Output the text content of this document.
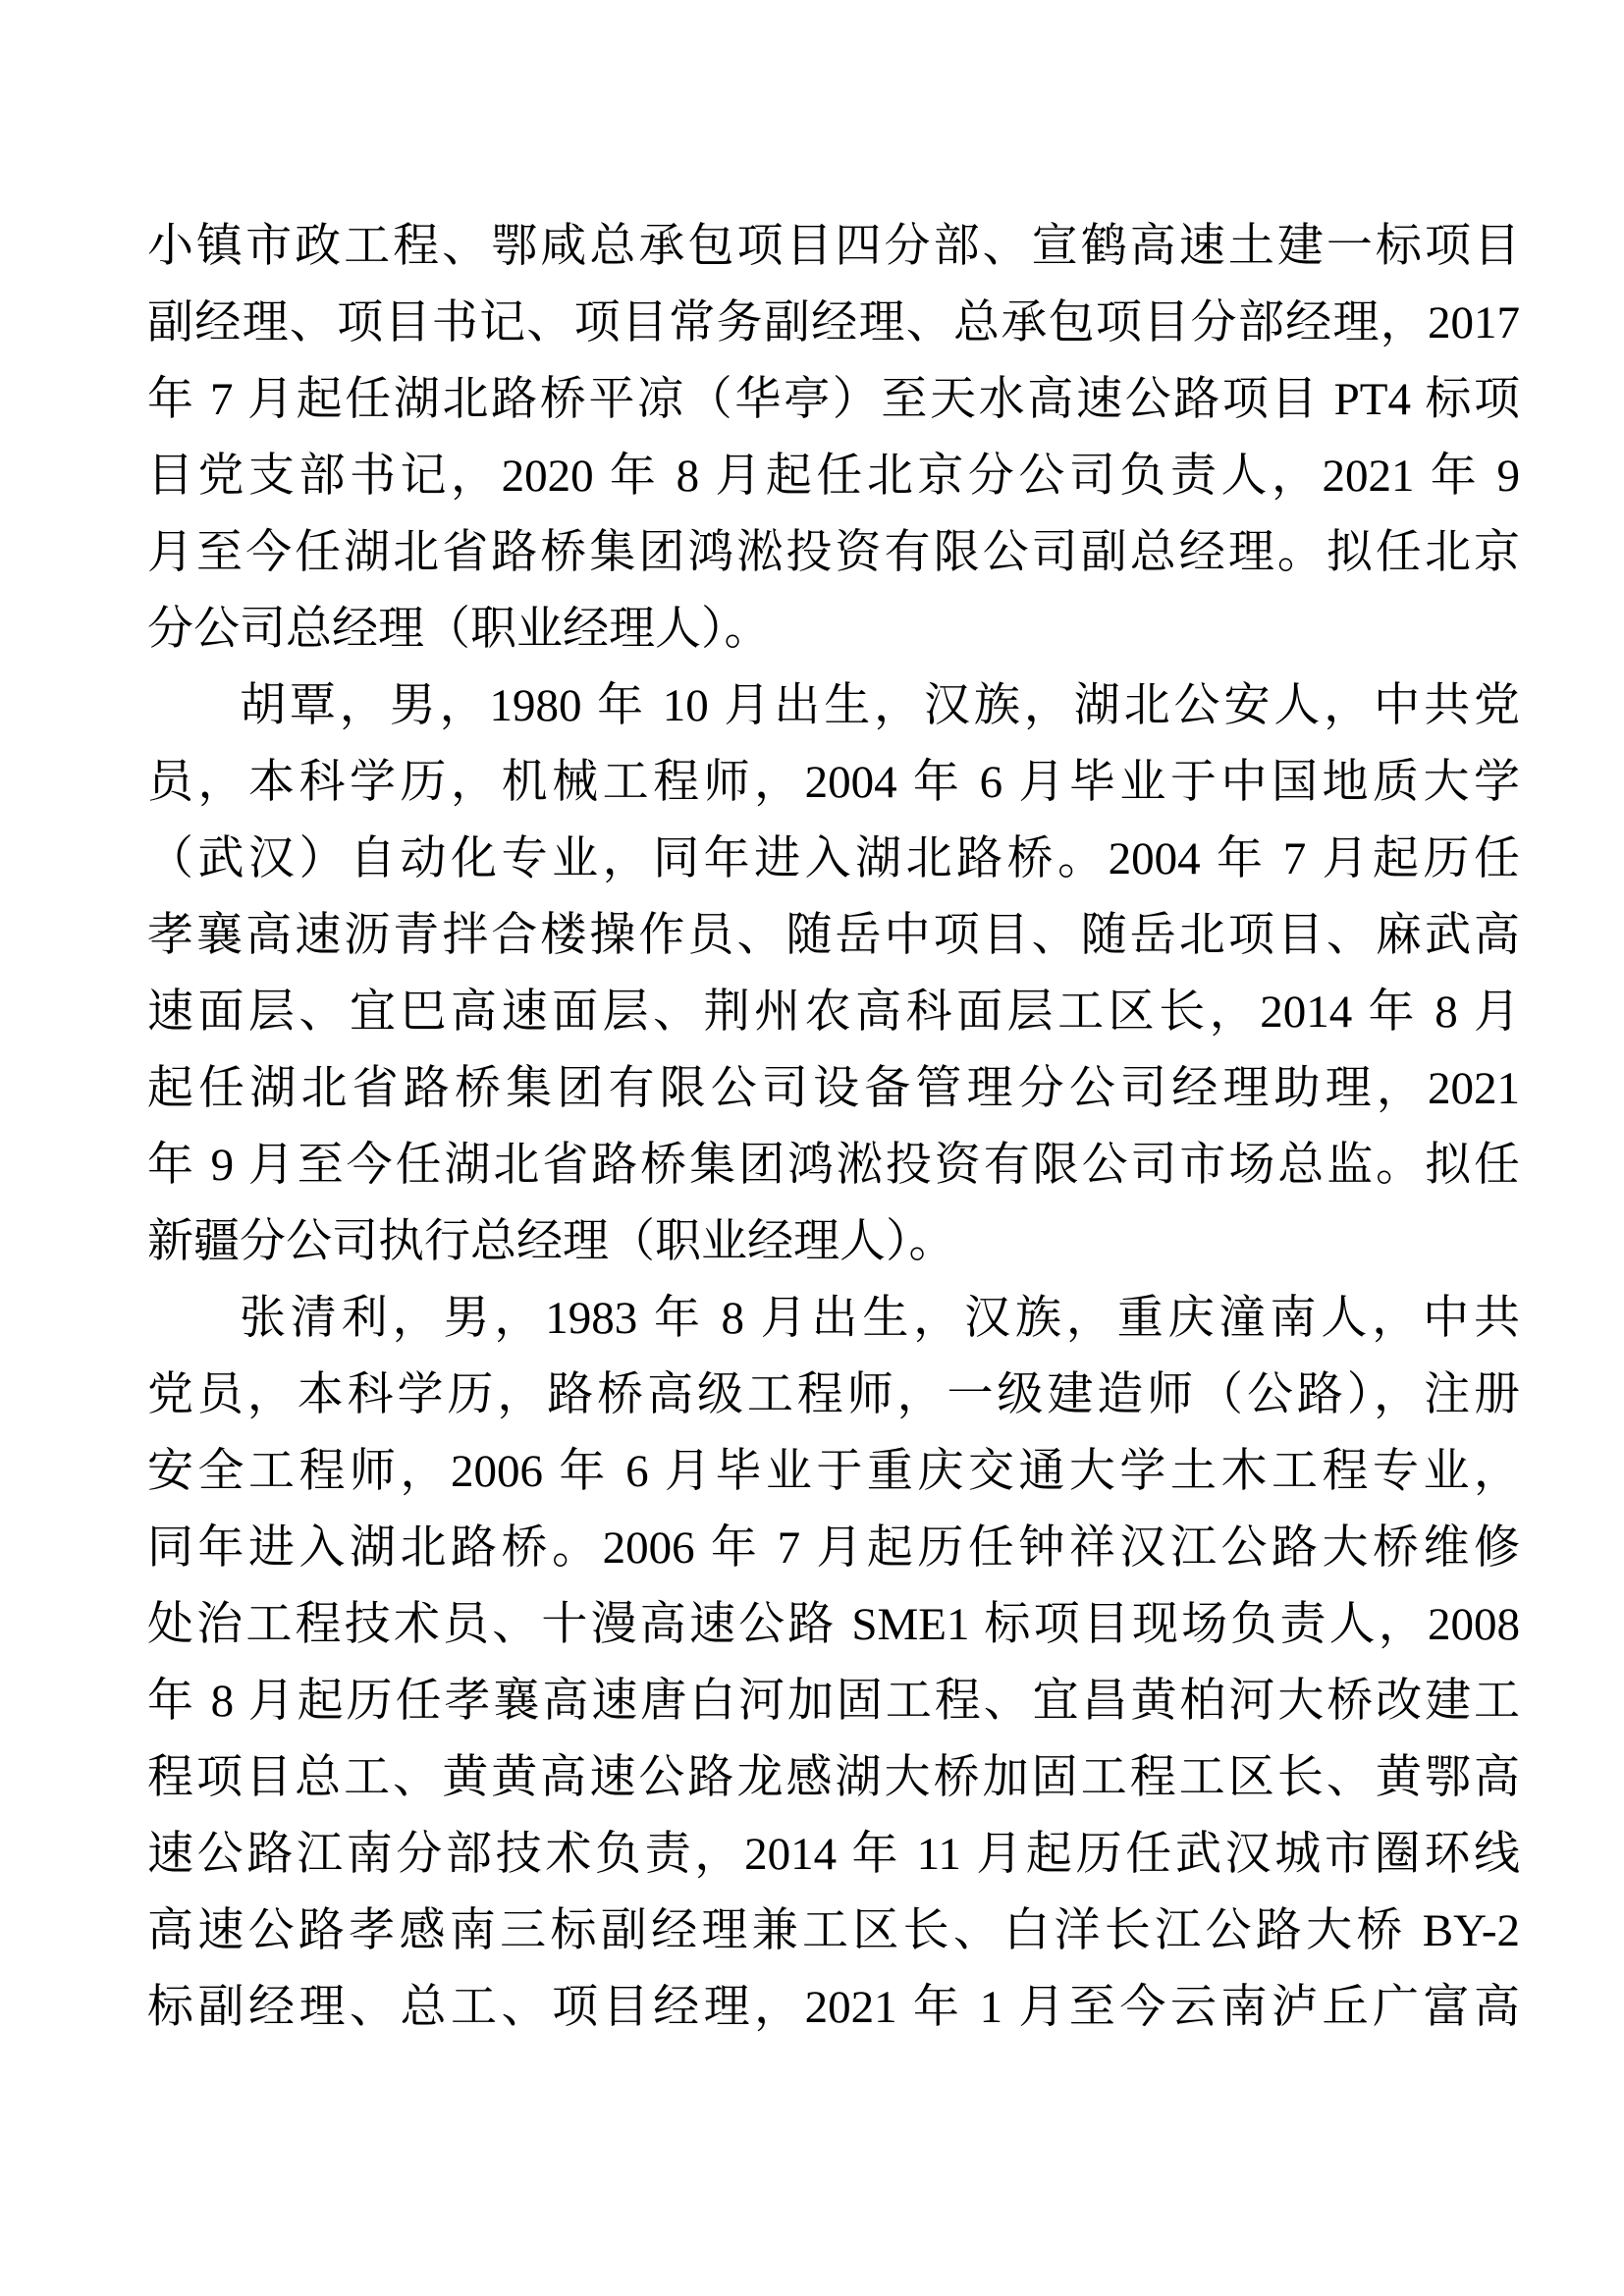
小镇市政工程、鄂咸总承包项目四分部、宣鹤高速土建一标项目
副经理、项目书记、项目常务副经理、总承包项目分部经理，2017
年 7 月起任湖北路桥平凉（华亭）至天水高速公路项目 PT4 标项
目党支部书记，2020 年 8 月起任北京分公司负责人，2021 年 9
月至今任湖北省路桥集团鸿淞投资有限公司副总经理。拟任北京
分公司总经理（职业经理人）。
胡覃，男，1980 年 10 月出生，汉族，湖北公安人，中共党
员，本科学历，机械工程师，2004 年 6 月毕业于中国地质大学
（武汉）自动化专业，同年进入湖北路桥。2004 年 7 月起历任
孝襄高速沥青拌合楼操作员、随岳中项目、随岳北项目、麻武高
速面层、宜巴高速面层、荆州农高科面层工区长，2014 年 8 月
起任湖北省路桥集团有限公司设备管理分公司经理助理，2021
年 9 月至今任湖北省路桥集团鸿淞投资有限公司市场总监。拟任
新疆分公司执行总经理（职业经理人）。
张清利，男，1983 年 8 月出生，汉族，重庆潼南人，中共
党员，本科学历，路桥高级工程师，一级建造师（公路），注册
安全工程师，2006 年 6 月毕业于重庆交通大学土木工程专业，
同年进入湖北路桥。2006 年 7 月起历任钟祥汉江公路大桥维修
处治工程技术员、十漫高速公路 SME1 标项目现场负责人，2008
年 8 月起历任孝襄高速唐白河加固工程、宜昌黄柏河大桥改建工
程项目总工、黄黄高速公路龙感湖大桥加固工程工区长、黄鄂高
速公路江南分部技术负责，2014 年 11 月起历任武汉城市圈环线
高速公路孝感南三标副经理兼工区长、白洋长江公路大桥 BY-2
标副经理、总工、项目经理，2021 年 1 月至今云南泸丘广富高
